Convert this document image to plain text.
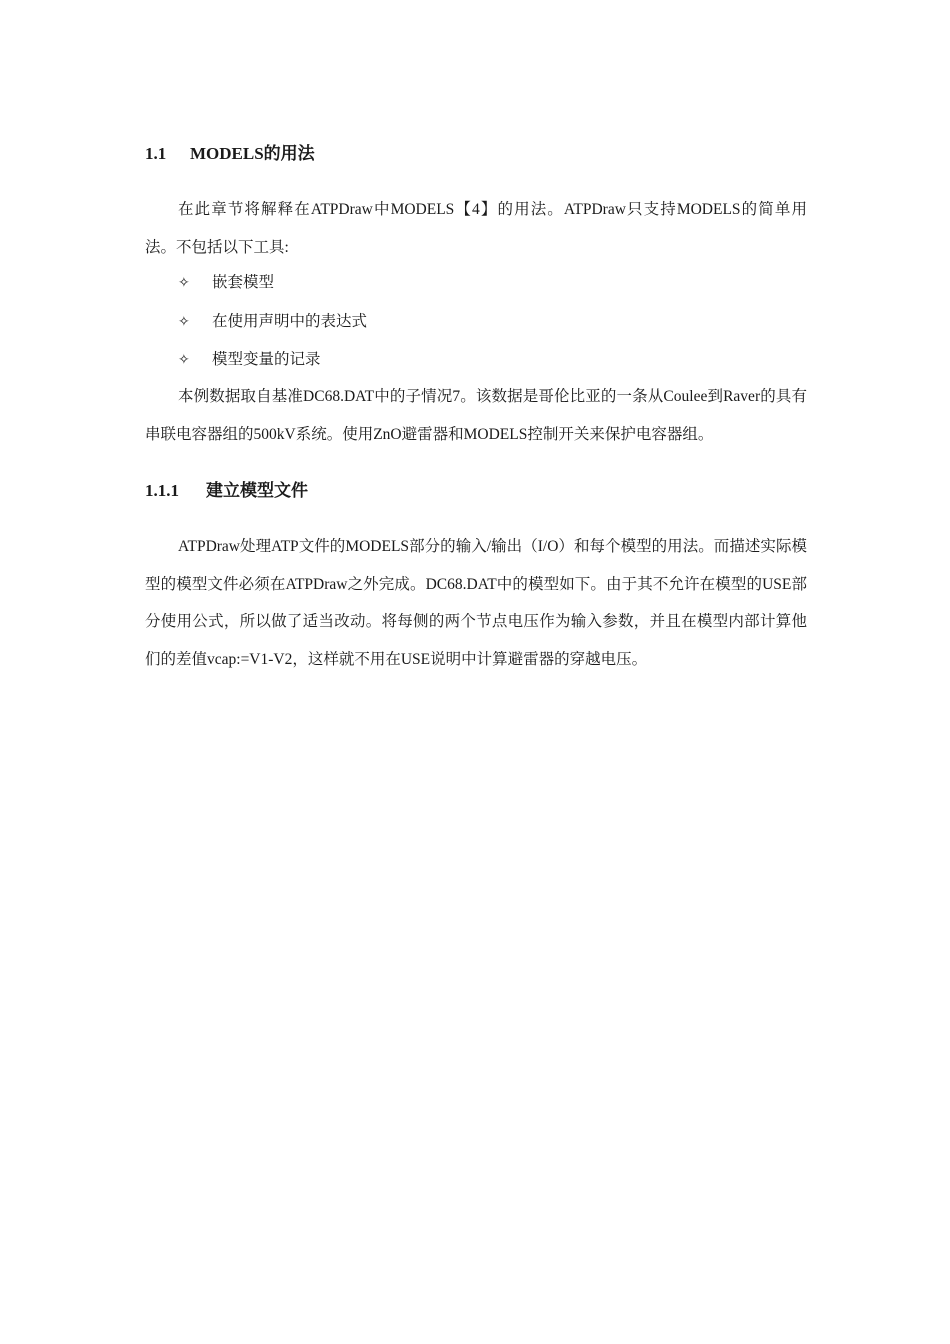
1.1 MODELS的用法

在此章节将解释在ATPDraw中MODELS【4】的用法。ATPDraw只支持MODELS的简单用法。不包括以下工具:

✧ 嵌套模型
✧ 在使用声明中的表达式
✧ 模型变量的记录

本例数据取自基准DC68.DAT中的子情况7。该数据是哥伦比亚的一条从Coulee到Raver的具有串联电容器组的500kV系统。使用ZnO避雷器和MODELS控制开关来保护电容器组。

1.1.1 建立模型文件

ATPDraw处理ATP文件的MODELS部分的输入/输出（I/O）和每个模型的用法。而描述实际模型的模型文件必须在ATPDraw之外完成。DC68.DAT中的模型如下。由于其不允许在模型的USE部分使用公式，所以做了适当改动。将每侧的两个节点电压作为输入参数，并且在模型内部计算他们的差值vcap:=V1-V2，这样就不用在USE说明中计算避雷器的穿越电压。
